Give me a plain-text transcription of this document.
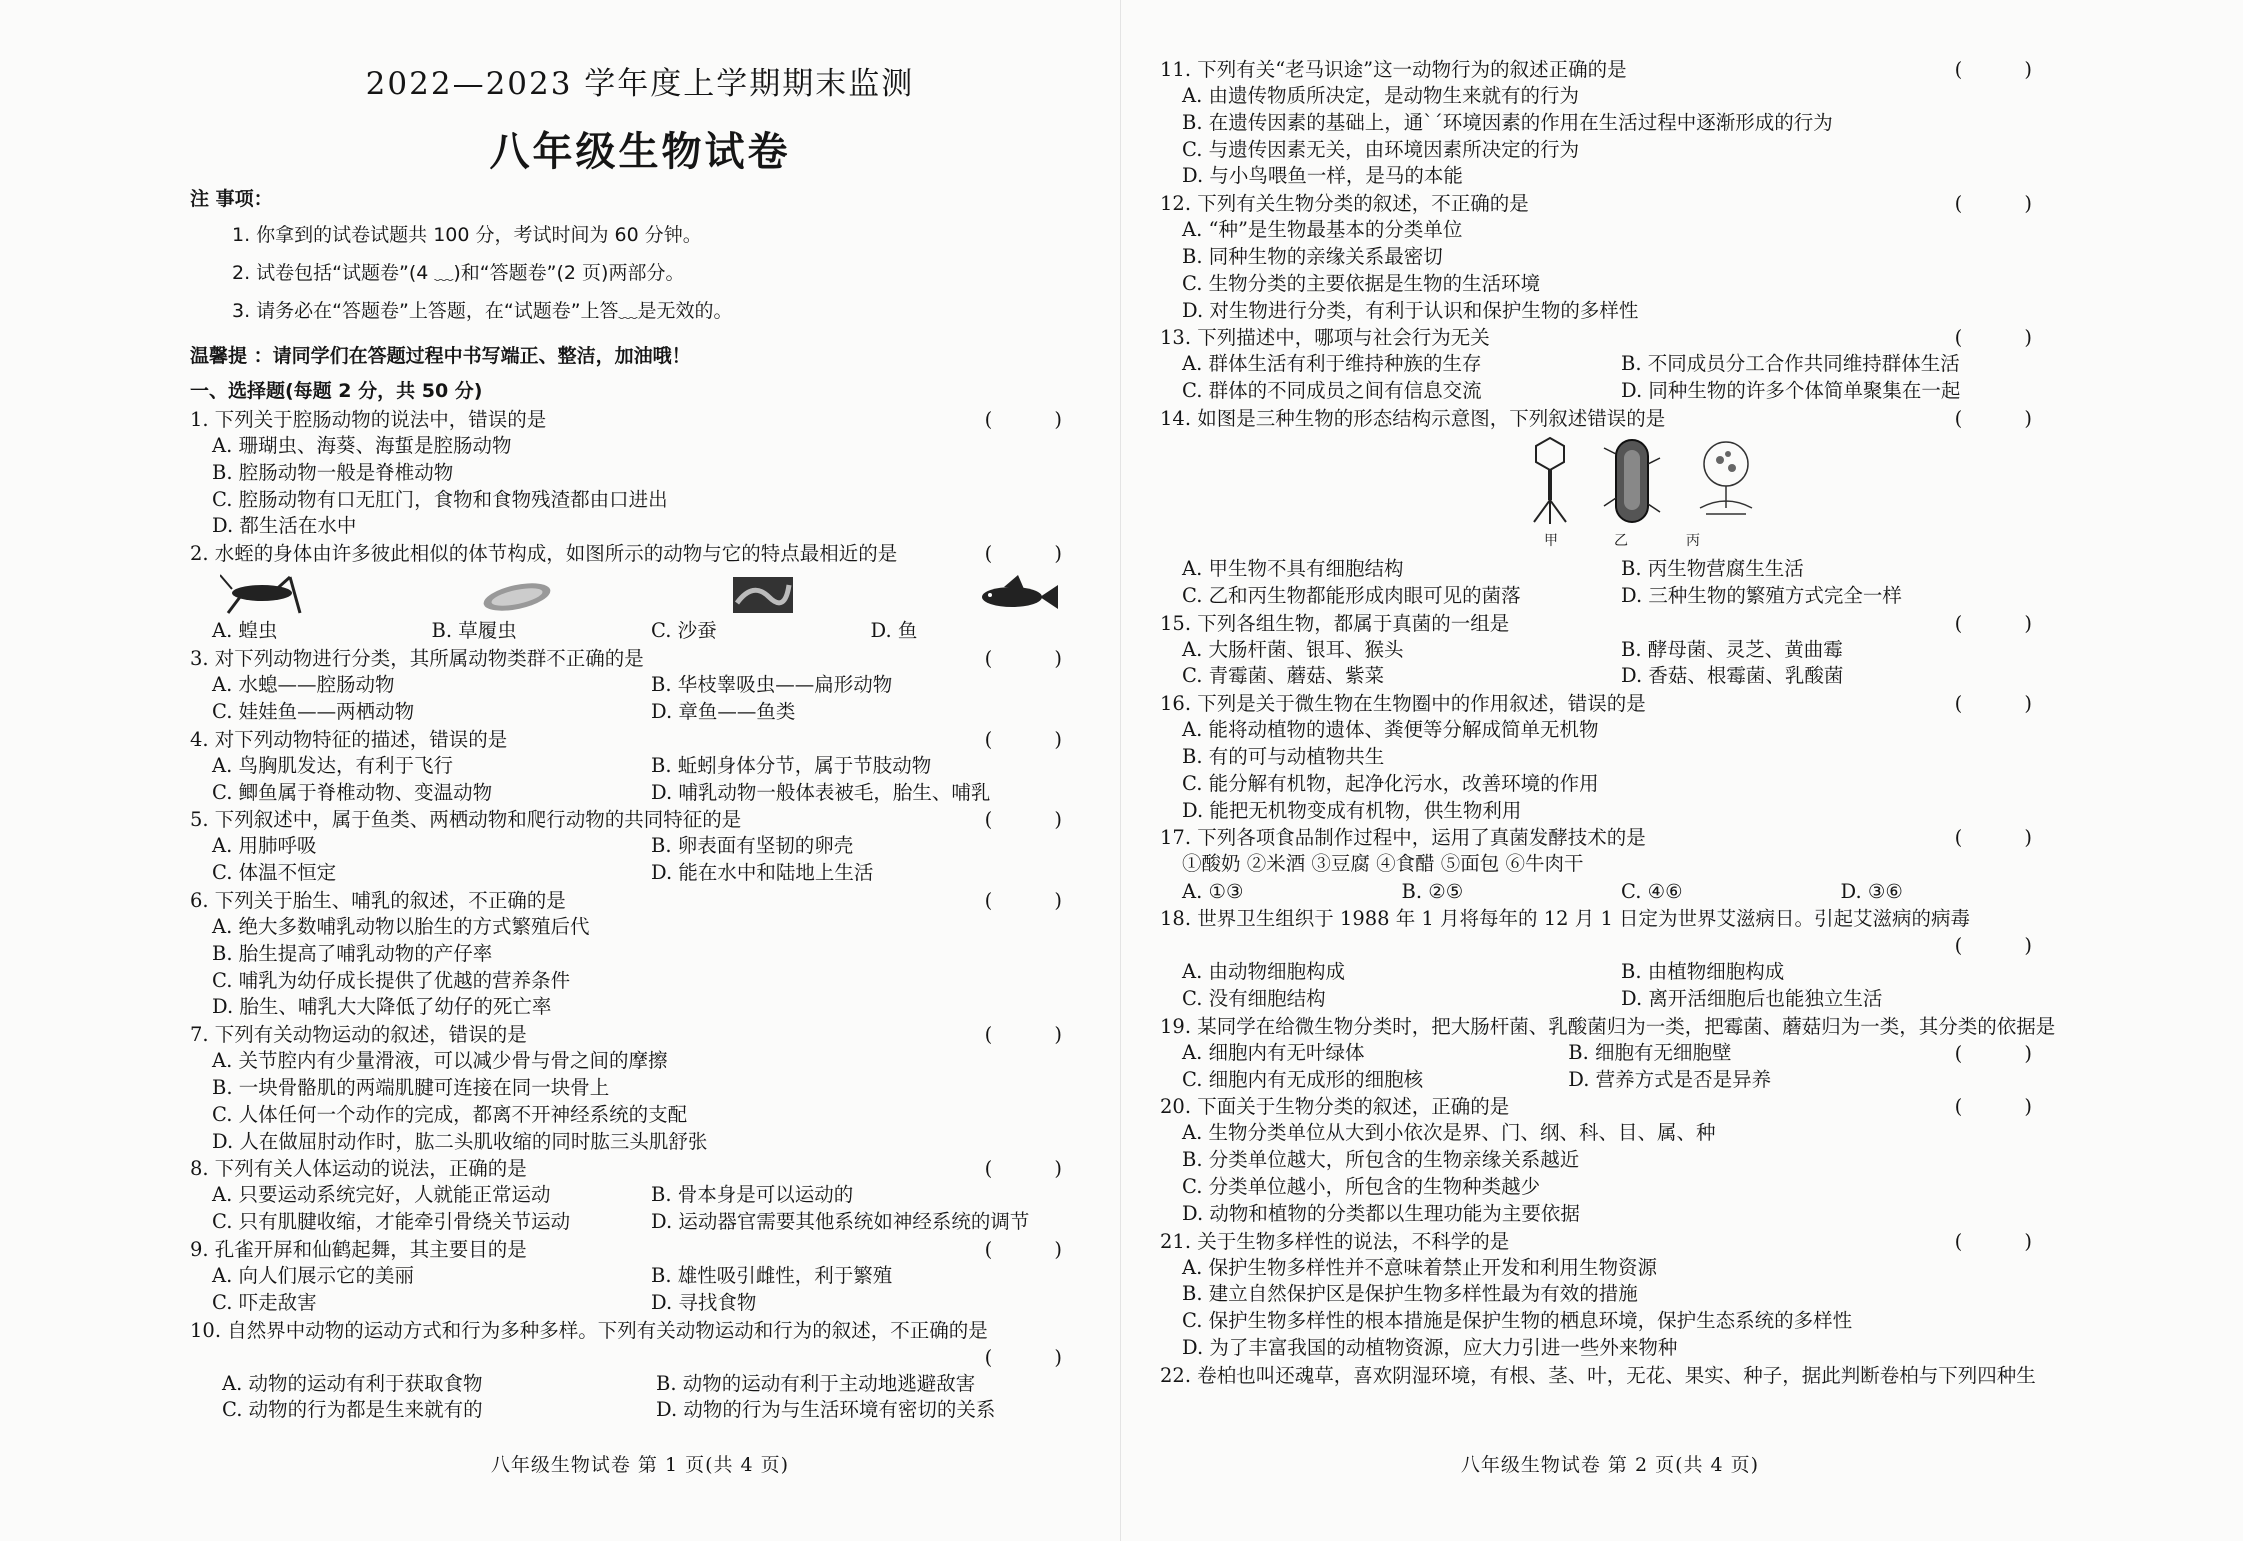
2022—2023 学年度上学期期末监测
八年级生物试卷
注 事项：
1. 你拿到的试卷试题共 100 分，考试时间为 60 分钟。
2. 试卷包括“试题卷”(4 ﹏)和“答题卷”(2 页)两部分。
3. 请务必在“答题卷”上答题，在“试题卷”上答﹏是无效的。
温馨提 ：请同学们在答题过程中书写端正、整洁，加油哦！
一、选择题(每题 2 分，共 50 分)
1. 下列关于腔肠动物的说法中，错误的是	( )
A. 珊瑚虫、海葵、海蜇是腔肠动物
B. 腔肠动物一般是脊椎动物
C. 腔肠动物有口无肛门，食物和食物残渣都由口进出
D. 都生活在水中
2. 水蛭的身体由许多彼此相似的体节构成，如图所示的动物与它的特点最相近的是	( )
A. 蝗虫	B. 草履虫	C. 沙蚕	D. 鱼
3. 对下列动物进行分类，其所属动物类群不正确的是	( )
A. 水螅——腔肠动物	B. 华枝睾吸虫——扁形动物
C. 娃娃鱼——两栖动物	D. 章鱼——鱼类
4. 对下列动物特征的描述，错误的是	( )
A. 鸟胸肌发达，有利于飞行	B. 蚯蚓身体分节，属于节肢动物
C. 鲫鱼属于脊椎动物、变温动物	D. 哺乳动物一般体表被毛，胎生、哺乳
5. 下列叙述中，属于鱼类、两栖动物和爬行动物的共同特征的是	( )
A. 用肺呼吸	B. 卵表面有坚韧的卵壳
C. 体温不恒定	D. 能在水中和陆地上生活
6. 下列关于胎生、哺乳的叙述，不正确的是	( )
A. 绝大多数哺乳动物以胎生的方式繁殖后代
B. 胎生提高了哺乳动物的产仔率
C. 哺乳为幼仔成长提供了优越的营养条件
D. 胎生、哺乳大大降低了幼仔的死亡率
7. 下列有关动物运动的叙述，错误的是	( )
A. 关节腔内有少量滑液，可以减少骨与骨之间的摩擦
B. 一块骨骼肌的两端肌腱可连接在同一块骨上
C. 人体任何一个动作的完成，都离不开神经系统的支配
D. 人在做屈肘动作时，肱二头肌收缩的同时肱三头肌舒张
8. 下列有关人体运动的说法，正确的是	( )
A. 只要运动系统完好，人就能正常运动	B. 骨本身是可以运动的
C. 只有肌腱收缩，才能牵引骨绕关节运动	D. 运动器官需要其他系统如神经系统的调节
9. 孔雀开屏和仙鹤起舞，其主要目的是	( )
A. 向人们展示它的美丽	B. 雄性吸引雌性，利于繁殖
C. 吓走敌害	D. 寻找食物
10. 自然界中动物的运动方式和行为多种多样。下列有关动物运动和行为的叙述，不正确的是
( )
A. 动物的运动有利于获取食物	B. 动物的运动有利于主动地逃避敌害
C. 动物的行为都是生来就有的	D. 动物的行为与生活环境有密切的关系
八年级生物试卷 第 1 页(共 4 页)
11. 下列有关“老马识途”这一动物行为的叙述正确的是	( )
A. 由遗传物质所决定，是动物生来就有的行为
B. 在遗传因素的基础上，通`´环境因素的作用在生活过程中逐渐形成的行为
C. 与遗传因素无关，由环境因素所决定的行为
D. 与小鸟喂鱼一样，是马的本能
12. 下列有关生物分类的叙述，不正确的是	( )
A. “种”是生物最基本的分类单位
B. 同种生物的亲缘关系最密切
C. 生物分类的主要依据是生物的生活环境
D. 对生物进行分类，有利于认识和保护生物的多样性
13. 下列描述中，哪项与社会行为无关	( )
A. 群体生活有利于维持种族的生存	B. 不同成员分工合作共同维持群体生活
C. 群体的不同成员之间有信息交流	D. 同种生物的许多个体简单聚集在一起
14. 如图是三种生物的形态结构示意图，下列叙述错误的是	( )
甲	乙	丙
A. 甲生物不具有细胞结构	B. 丙生物营腐生生活
C. 乙和丙生物都能形成肉眼可见的菌落	D. 三种生物的繁殖方式完全一样
15. 下列各组生物，都属于真菌的一组是	( )
A. 大肠杆菌、银耳、猴头	B. 酵母菌、灵芝、黄曲霉
C. 青霉菌、蘑菇、紫菜	D. 香菇、根霉菌、乳酸菌
16. 下列是关于微生物在生物圈中的作用叙述，错误的是	( )
A. 能将动植物的遗体、粪便等分解成简单无机物
B. 有的可与动植物共生
C. 能分解有机物，起净化污水，改善环境的作用
D. 能把无机物变成有机物，供生物利用
17. 下列各项食品制作过程中，运用了真菌发酵技术的是	( )
①酸奶 ②米酒 ③豆腐 ④食醋 ⑤面包 ⑥牛肉干
A. ①③	B. ②⑤	C. ④⑥	D. ③⑥
18. 世界卫生组织于 1988 年 1 月将每年的 12 月 1 日定为世界艾滋病日。引起艾滋病的病毒
( )
A. 由动物细胞构成	B. 由植物细胞构成
C. 没有细胞结构	D. 离开活细胞后也能独立生活
19. 某同学在给微生物分类时，把大肠杆菌、乳酸菌归为一类，把霉菌、蘑菇归为一类，其分类的依据是
( )
A. 细胞内有无叶绿体	B. 细胞有无细胞壁
C. 细胞内有无成形的细胞核	D. 营养方式是否是异养
20. 下面关于生物分类的叙述，正确的是	( )
A. 生物分类单位从大到小依次是界、门、纲、科、目、属、种
B. 分类单位越大，所包含的生物亲缘关系越近
C. 分类单位越小，所包含的生物种类越少
D. 动物和植物的分类都以生理功能为主要依据
21. 关于生物多样性的说法，不科学的是	( )
A. 保护生物多样性并不意味着禁止开发和利用生物资源
B. 建立自然保护区是保护生物多样性最为有效的措施
C. 保护生物多样性的根本措施是保护生物的栖息环境，保护生态系统的多样性
D. 为了丰富我国的动植物资源，应大力引进一些外来物种
22. 卷柏也叫还魂草，喜欢阴湿环境，有根、茎、叶，无花、果实、种子，据此判断卷柏与下列四种生
八年级生物试卷 第 2 页(共 4 页)
